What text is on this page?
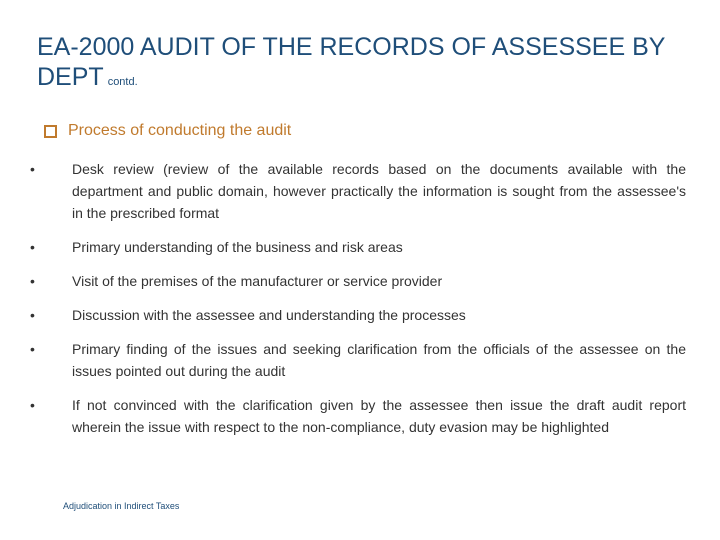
EA-2000 AUDIT OF THE RECORDS OF ASSESSEE BY DEPT contd.
Process of conducting the audit
•	Desk review (review of the available records based on the documents available with the department and public domain, however practically the information is sought from the assessee's in the prescribed format
•	Primary understanding of the business and risk areas
•	Visit of the premises of the manufacturer or service provider
•	Discussion with the assessee and understanding the processes
•	Primary finding of the issues and seeking clarification from the officials of the assessee on the issues pointed out during the audit
•	If not convinced with the clarification given by the assessee then issue the draft audit report wherein the issue with respect to the non-compliance, duty evasion may be highlighted
Adjudication in Indirect Taxes
